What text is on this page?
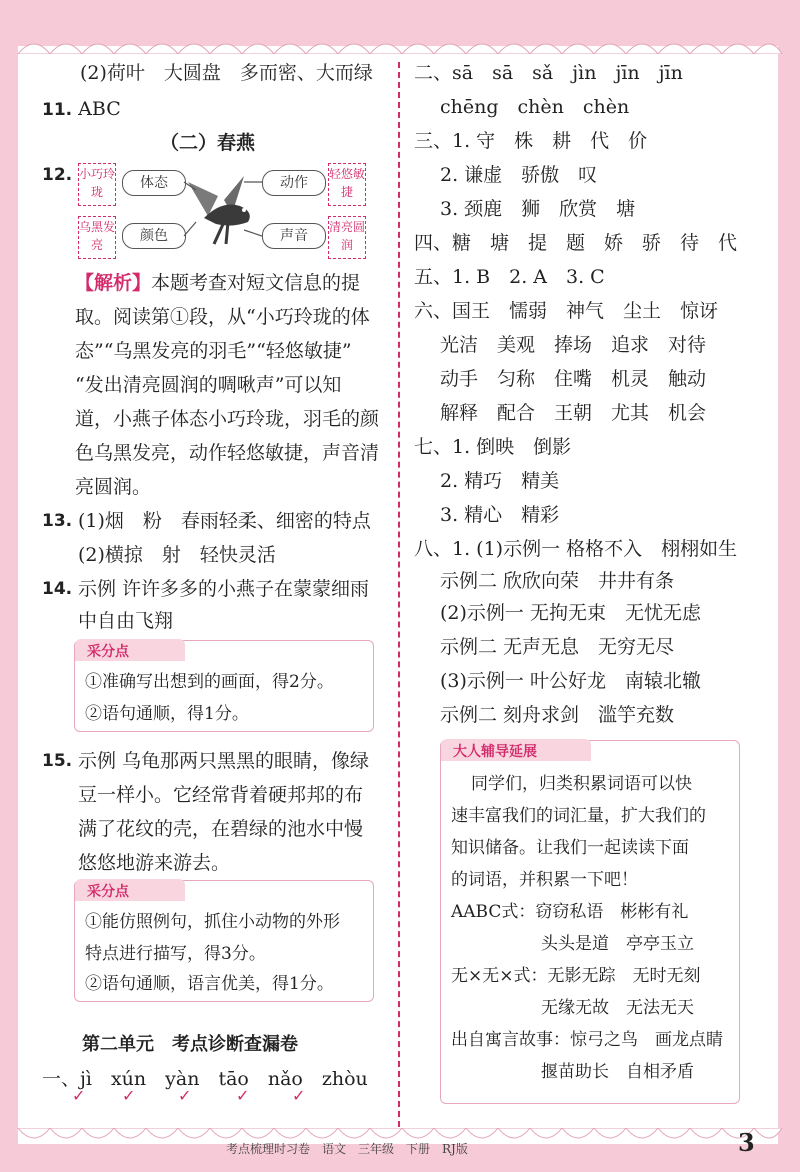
(2)荷叶　大圆盘　多而密、大而绿
11. ABC
（二）春燕
12. 小巧玲珑
体态
乌黑发亮
颜色
动作
轻悠敏捷
声音
清亮圆润
【解析】本题考查对短文信息的提
取。阅读第①段，从“小巧玲珑的体
态”“乌黑发亮的羽毛”“轻悠敏捷”
“发出清亮圆润的啁啾声”可以知
道，小燕子体态小巧玲珑，羽毛的颜
色乌黑发亮，动作轻悠敏捷，声音清
亮圆润。
13. (1)烟　粉　春雨轻柔、细密的特点
(2)横掠　射　轻快灵活
14. 示例 许许多多的小燕子在蒙蒙细雨
中自由飞翔
采分点
①准确写出想到的画面，得2分。
②语句通顺，得1分。
15. 示例 乌龟那两只黑黑的眼睛，像绿
豆一样小。它经常背着硬邦邦的布
满了花纹的壳，在碧绿的池水中慢
悠悠地游来游去。
采分点
①能仿照例句，抓住小动物的外形
特点进行描写，得3分。
②语句通顺，语言优美，得1分。
第二单元　考点诊断查漏卷
一、jì　xún　yàn　tāo　nǎo　zhòu
✓ ✓	✓	✓	✓
二、sā　sā　sǎ　jìn　jīn　jīn
chēng　chèn　chèn
三、1. 守　株　耕　代　价
2. 谦虚　骄傲　叹
3. 颈鹿　狮　欣赏　塘
四、糖　塘　提　题　娇　骄　待　代
五、1. B　2. A　3. C
六、国王　懦弱　神气　尘土　惊讶
光洁　美观　捧场　追求　对待
动手　匀称　住嘴　机灵　触动
解释　配合　王朝　尤其　机会
七、1. 倒映　倒影
2. 精巧　精美
3. 精心　精彩
八、1. (1)示例一 格格不入　栩栩如生
示例二 欣欣向荣　井井有条
(2)示例一 无拘无束　无忧无虑
示例二 无声无息　无穷无尽
(3)示例一 叶公好龙　南辕北辙
示例二 刻舟求剑　滥竽充数
大人辅导延展
同学们，归类积累词语可以快
速丰富我们的词汇量，扩大我们的
知识储备。让我们一起读读下面
的词语，并积累一下吧！
AABC式：窃窃私语　彬彬有礼
头头是道　亭亭玉立
无×无×式：无影无踪　无时无刻
无缘无故　无法无天
出自寓言故事：惊弓之鸟　画龙点睛
揠苗助长　自相矛盾
考点梳理时习卷　语文　三年级　下册　RJ版	3
